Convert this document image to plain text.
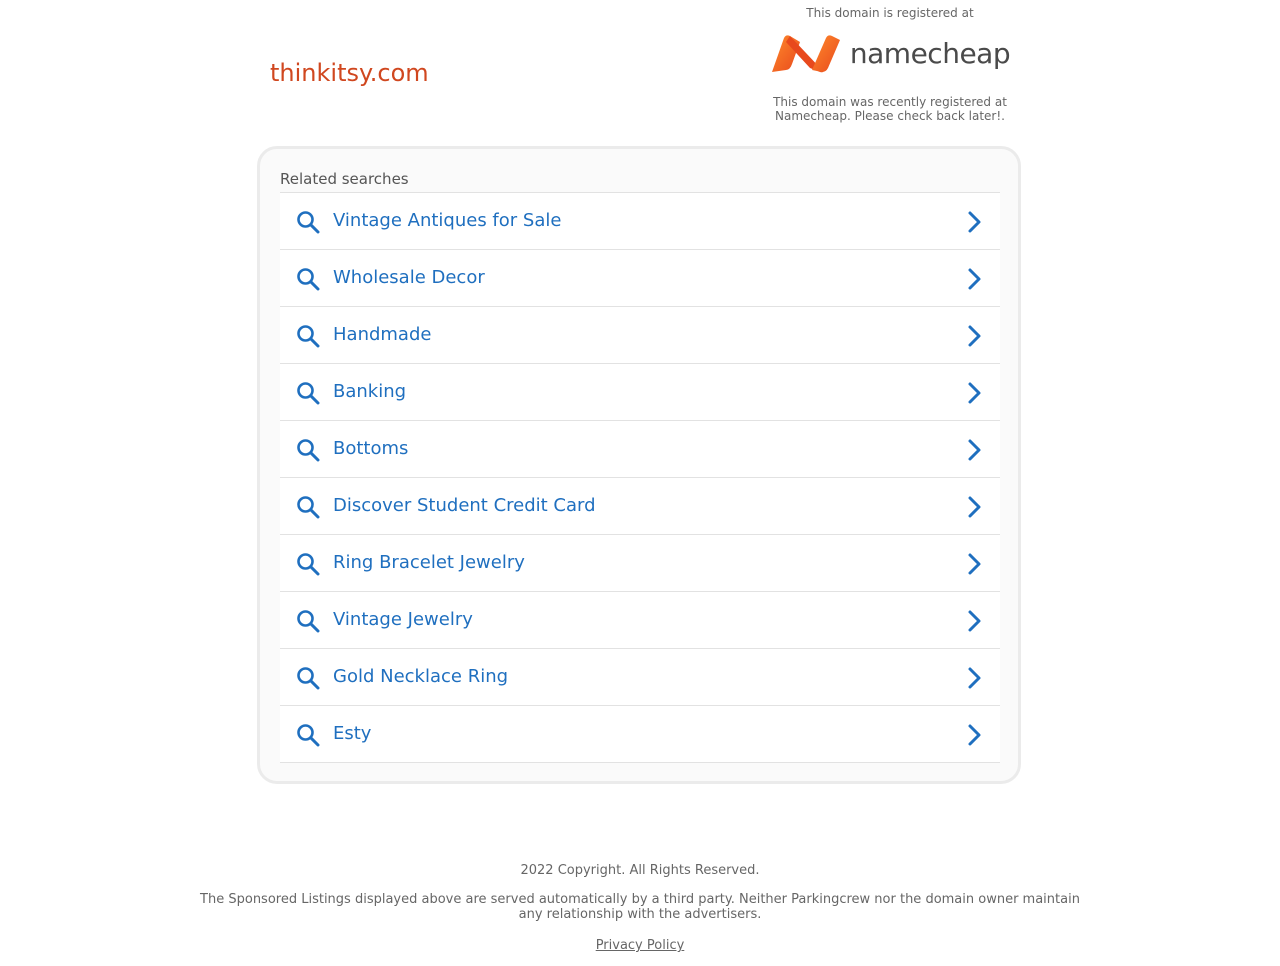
thinkitsy.com
This domain is registered at
namecheap
This domain was recently registered at Namecheap. Please check back later!.
Related searches
Vintage Antiques for Sale
Wholesale Decor
Handmade
Banking
Bottoms
Discover Student Credit Card
Ring Bracelet Jewelry
Vintage Jewelry
Gold Necklace Ring
Esty
2022 Copyright. All Rights Reserved.
The Sponsored Listings displayed above are served automatically by a third party. Neither Parkingcrew nor the domain owner maintain any relationship with the advertisers.
Privacy Policy
